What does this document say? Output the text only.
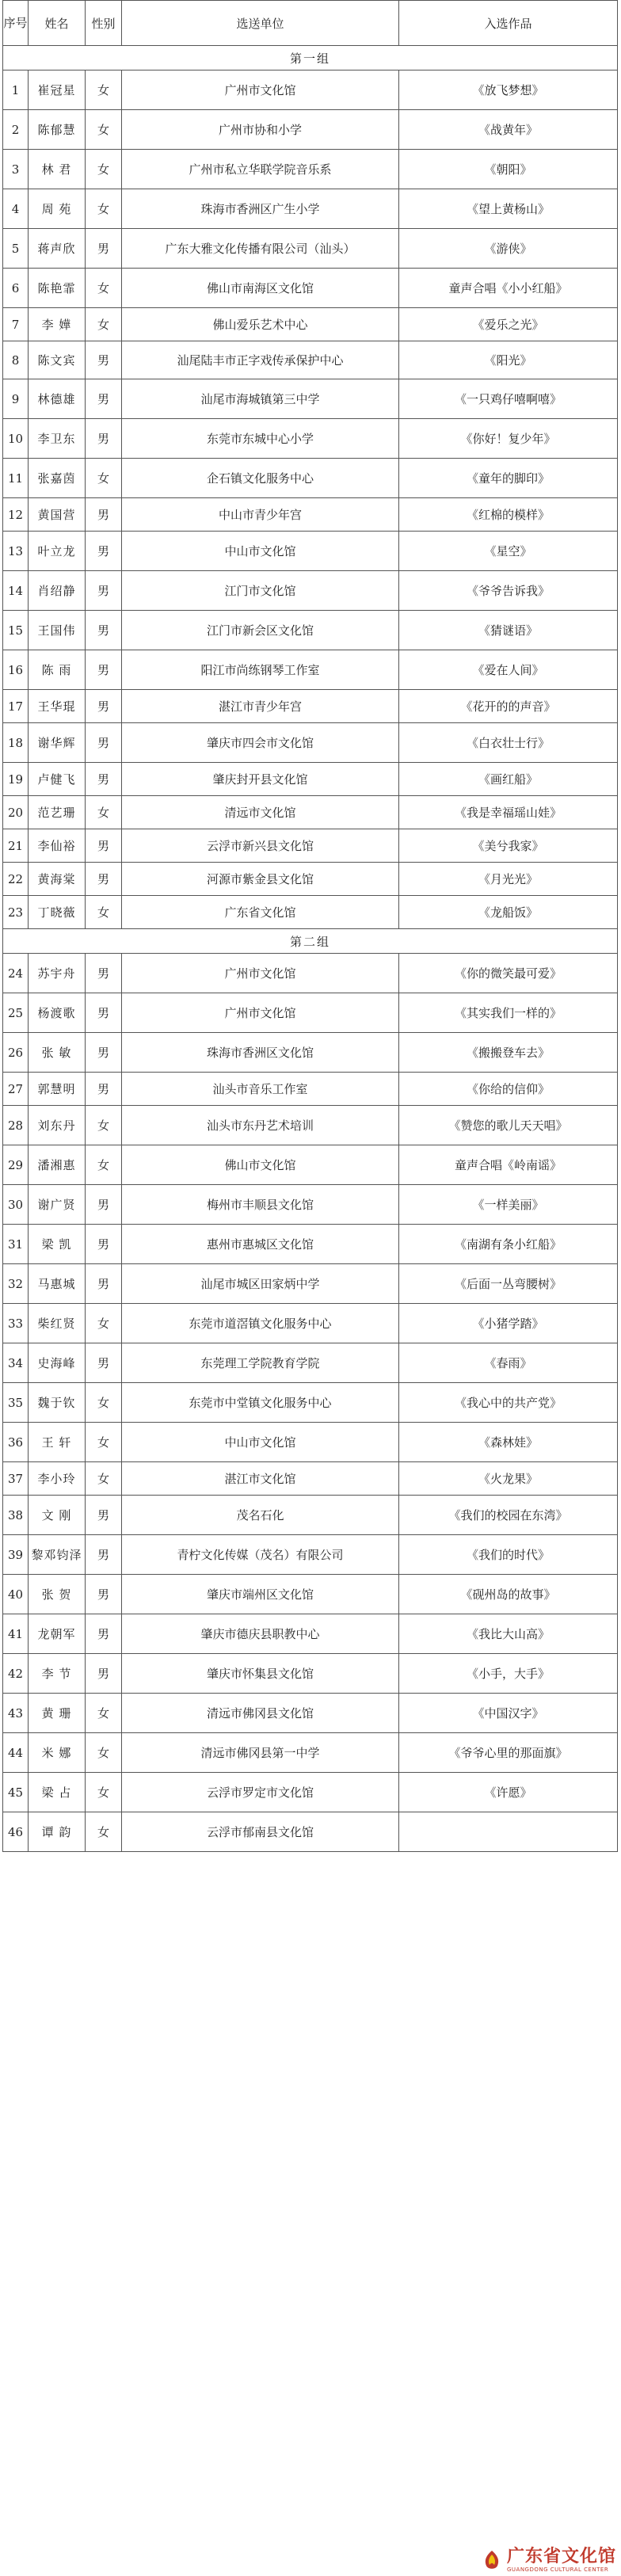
序号	姓名	性别	选送单位	入选作品
第一组				
1	崔冠星	女	广州市文化馆	《放飞梦想》
2	陈郁慧	女	广州市协和小学	《战黄年》
3	林 君	女	广州市私立华联学院音乐系	《朝阳》
4	周 苑	女	珠海市香洲区广生小学	《望上黄杨山》
5	蒋声欣	男	广东大雅文化传播有限公司（汕头）	《游侠》
6	陈艳霏	女	佛山市南海区文化馆	童声合唱《小小红船》
7	李 嬅	女	佛山爱乐艺术中心	《爱乐之光》
8	陈文宾	男	汕尾陆丰市正字戏传承保护中心	《阳光》
9	林德雄	男	汕尾市海城镇第三中学	《一只鸡仔嘻啊嘻》
10	李卫东	男	东莞市东城中心小学	《你好！复少年》
11	张嘉茵	女	企石镇文化服务中心	《童年的脚印》
12	黄国营	男	中山市青少年宫	《红棉的模样》
13	叶立龙	男	中山市文化馆	《星空》
14	肖绍静	男	江门市文化馆	《爷爷告诉我》
15	王国伟	男	江门市新会区文化馆	《猜谜语》
16	陈 雨	男	阳江市尚练钢琴工作室	《爱在人间》
17	王华琨	男	湛江市青少年宫	《花开的的声音》
18	谢华辉	男	肇庆市四会市文化馆	《白衣壮士行》
19	卢健飞	男	肇庆封开县文化馆	《画红船》
20	范艺珊	女	清远市文化馆	《我是幸福瑶山娃》
21	李仙裕	男	云浮市新兴县文化馆	《美兮我家》
22	黄海棠	男	河源市紫金县文化馆	《月光光》
23	丁晓薇	女	广东省文化馆	《龙船饭》
第二组				
24	苏宇舟	男	广州市文化馆	《你的微笑最可爱》
25	杨渡歌	男	广州市文化馆	《其实我们一样的》
26	张 敏	男	珠海市香洲区文化馆	《搬搬登车去》
27	郭慧明	男	汕头市音乐工作室	《你给的信仰》
28	刘东丹	女	汕头市东丹艺术培训	《赞您的歌儿天天唱》
29	潘湘惠	女	佛山市文化馆	童声合唱《岭南谣》
30	谢广贤	男	梅州市丰顺县文化馆	《一样美丽》
31	梁 凯	男	惠州市惠城区文化馆	《南湖有条小红船》
32	马惠城	男	汕尾市城区田家炳中学	《后面一丛弯腰树》
33	柴红贤	女	东莞市道滘镇文化服务中心	《小猪学踏》
34	史海峰	男	东莞理工学院教育学院	《春雨》
35	魏于钦	女	东莞市中堂镇文化服务中心	《我心中的共产党》
36	王 轩	女	中山市文化馆	《森林娃》
37	李小玲	女	湛江市文化馆	《火龙果》
38	文 刚	男	茂名石化	《我们的校园在东湾》
39	黎邓钧泽	男	青柠文化传媒（茂名）有限公司	《我们的时代》
40	张 贺	男	肇庆市端州区文化馆	《砚州岛的故事》
41	龙朝军	男	肇庆市德庆县职教中心	《我比大山高》
42	李 节	男	肇庆市怀集县文化馆	《小手，大手》
43	黄 珊	女	清远市佛冈县文化馆	《中国汉字》
44	米 娜	女	清远市佛冈县第一中学	《爷爷心里的那面旗》
45	梁 占	女	云浮市罗定市文化馆	《许愿》
46	谭 韵	女	云浮市郁南县文化馆	
广东省文化馆
GUANGDONG CULTURAL CENTER
